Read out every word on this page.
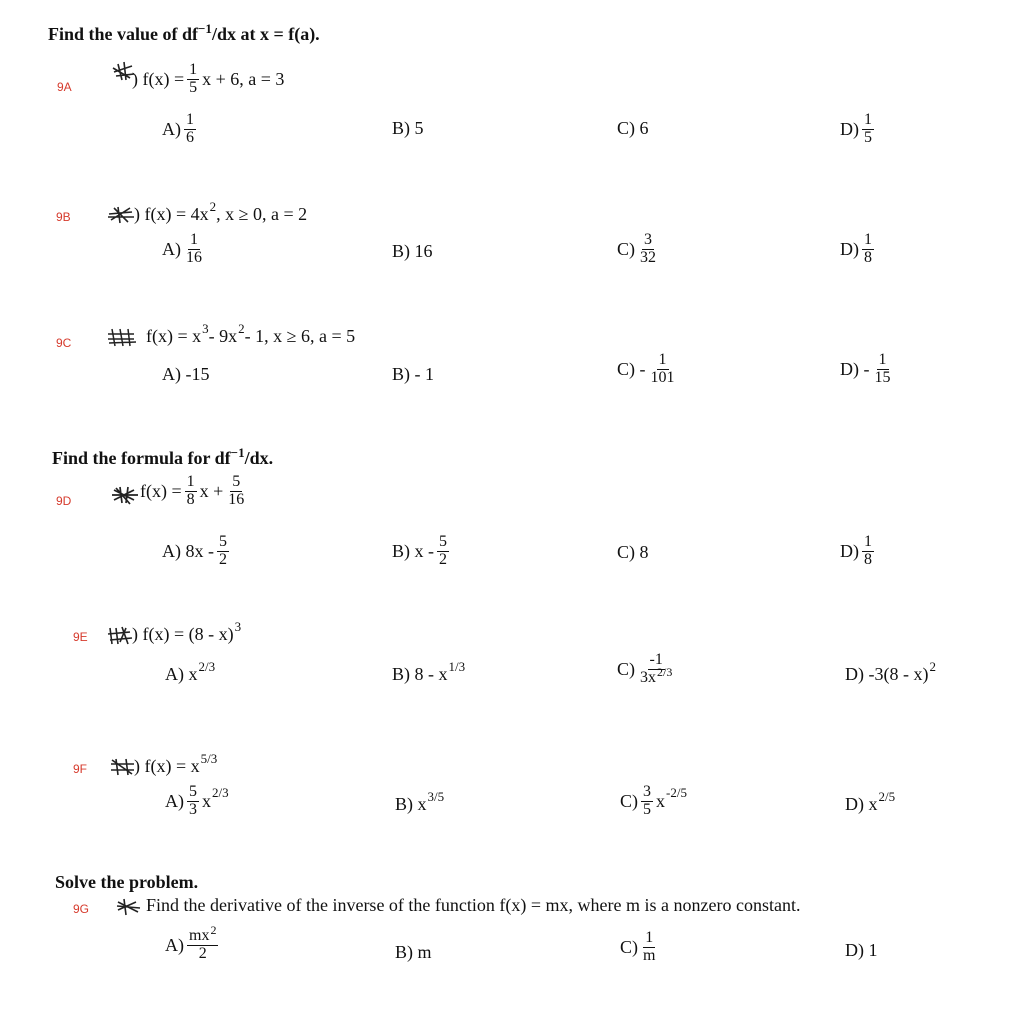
Find the value of $df^{-1}/dx$ at x = f(a).
9A	) $f(x) = \frac{1}{5}$ x + 6, a = 3
$A) \frac{1}{6}$	B) 5	C) 6	$D) \frac{1}{5}$
9B	) f(x) = 4x 2 , x ≥ 0, a = 2
$A) \frac{1}{16}$	B) 16	$C) \frac{3}{32}$	$D) \frac{1}{8}$
9C	f(x) = x 3 - 9x 2 - 1, x ≥ 6, a = 5
A) -15	B) - 1	$C) - \frac{1}{101}$	$D) - \frac{1}{15}$
Find the formula for $df^{-1}/dx$.
9D
$f(x) = \frac{1}{8}$ $x + \frac{5}{16}$
A) $8x - \frac{5}{2}$	B) x - $\frac{5}{2}$	C) 8	$D) \frac{1}{8}$
9E ) f(x) = (8 - x) 3
A) x 2/3	B) 8 - x 1/3	$C) \frac{-1}{3x^{2/3}}$	D) -3(8 - x) 2
9F	) f(x) = x 5/3
$A) \frac{5}{3}$ x 2/3
B) x 3/5	$C) \frac{3}{5}$ x -2/5
D) x 2/5
Solve the problem.
9G	Find the derivative of the inverse of the function f(x) = mx, where m is a nonzero constant.
$A) \frac{mx^2}{2}$	B) m	$C) \frac{1}{m}$	D) 1
